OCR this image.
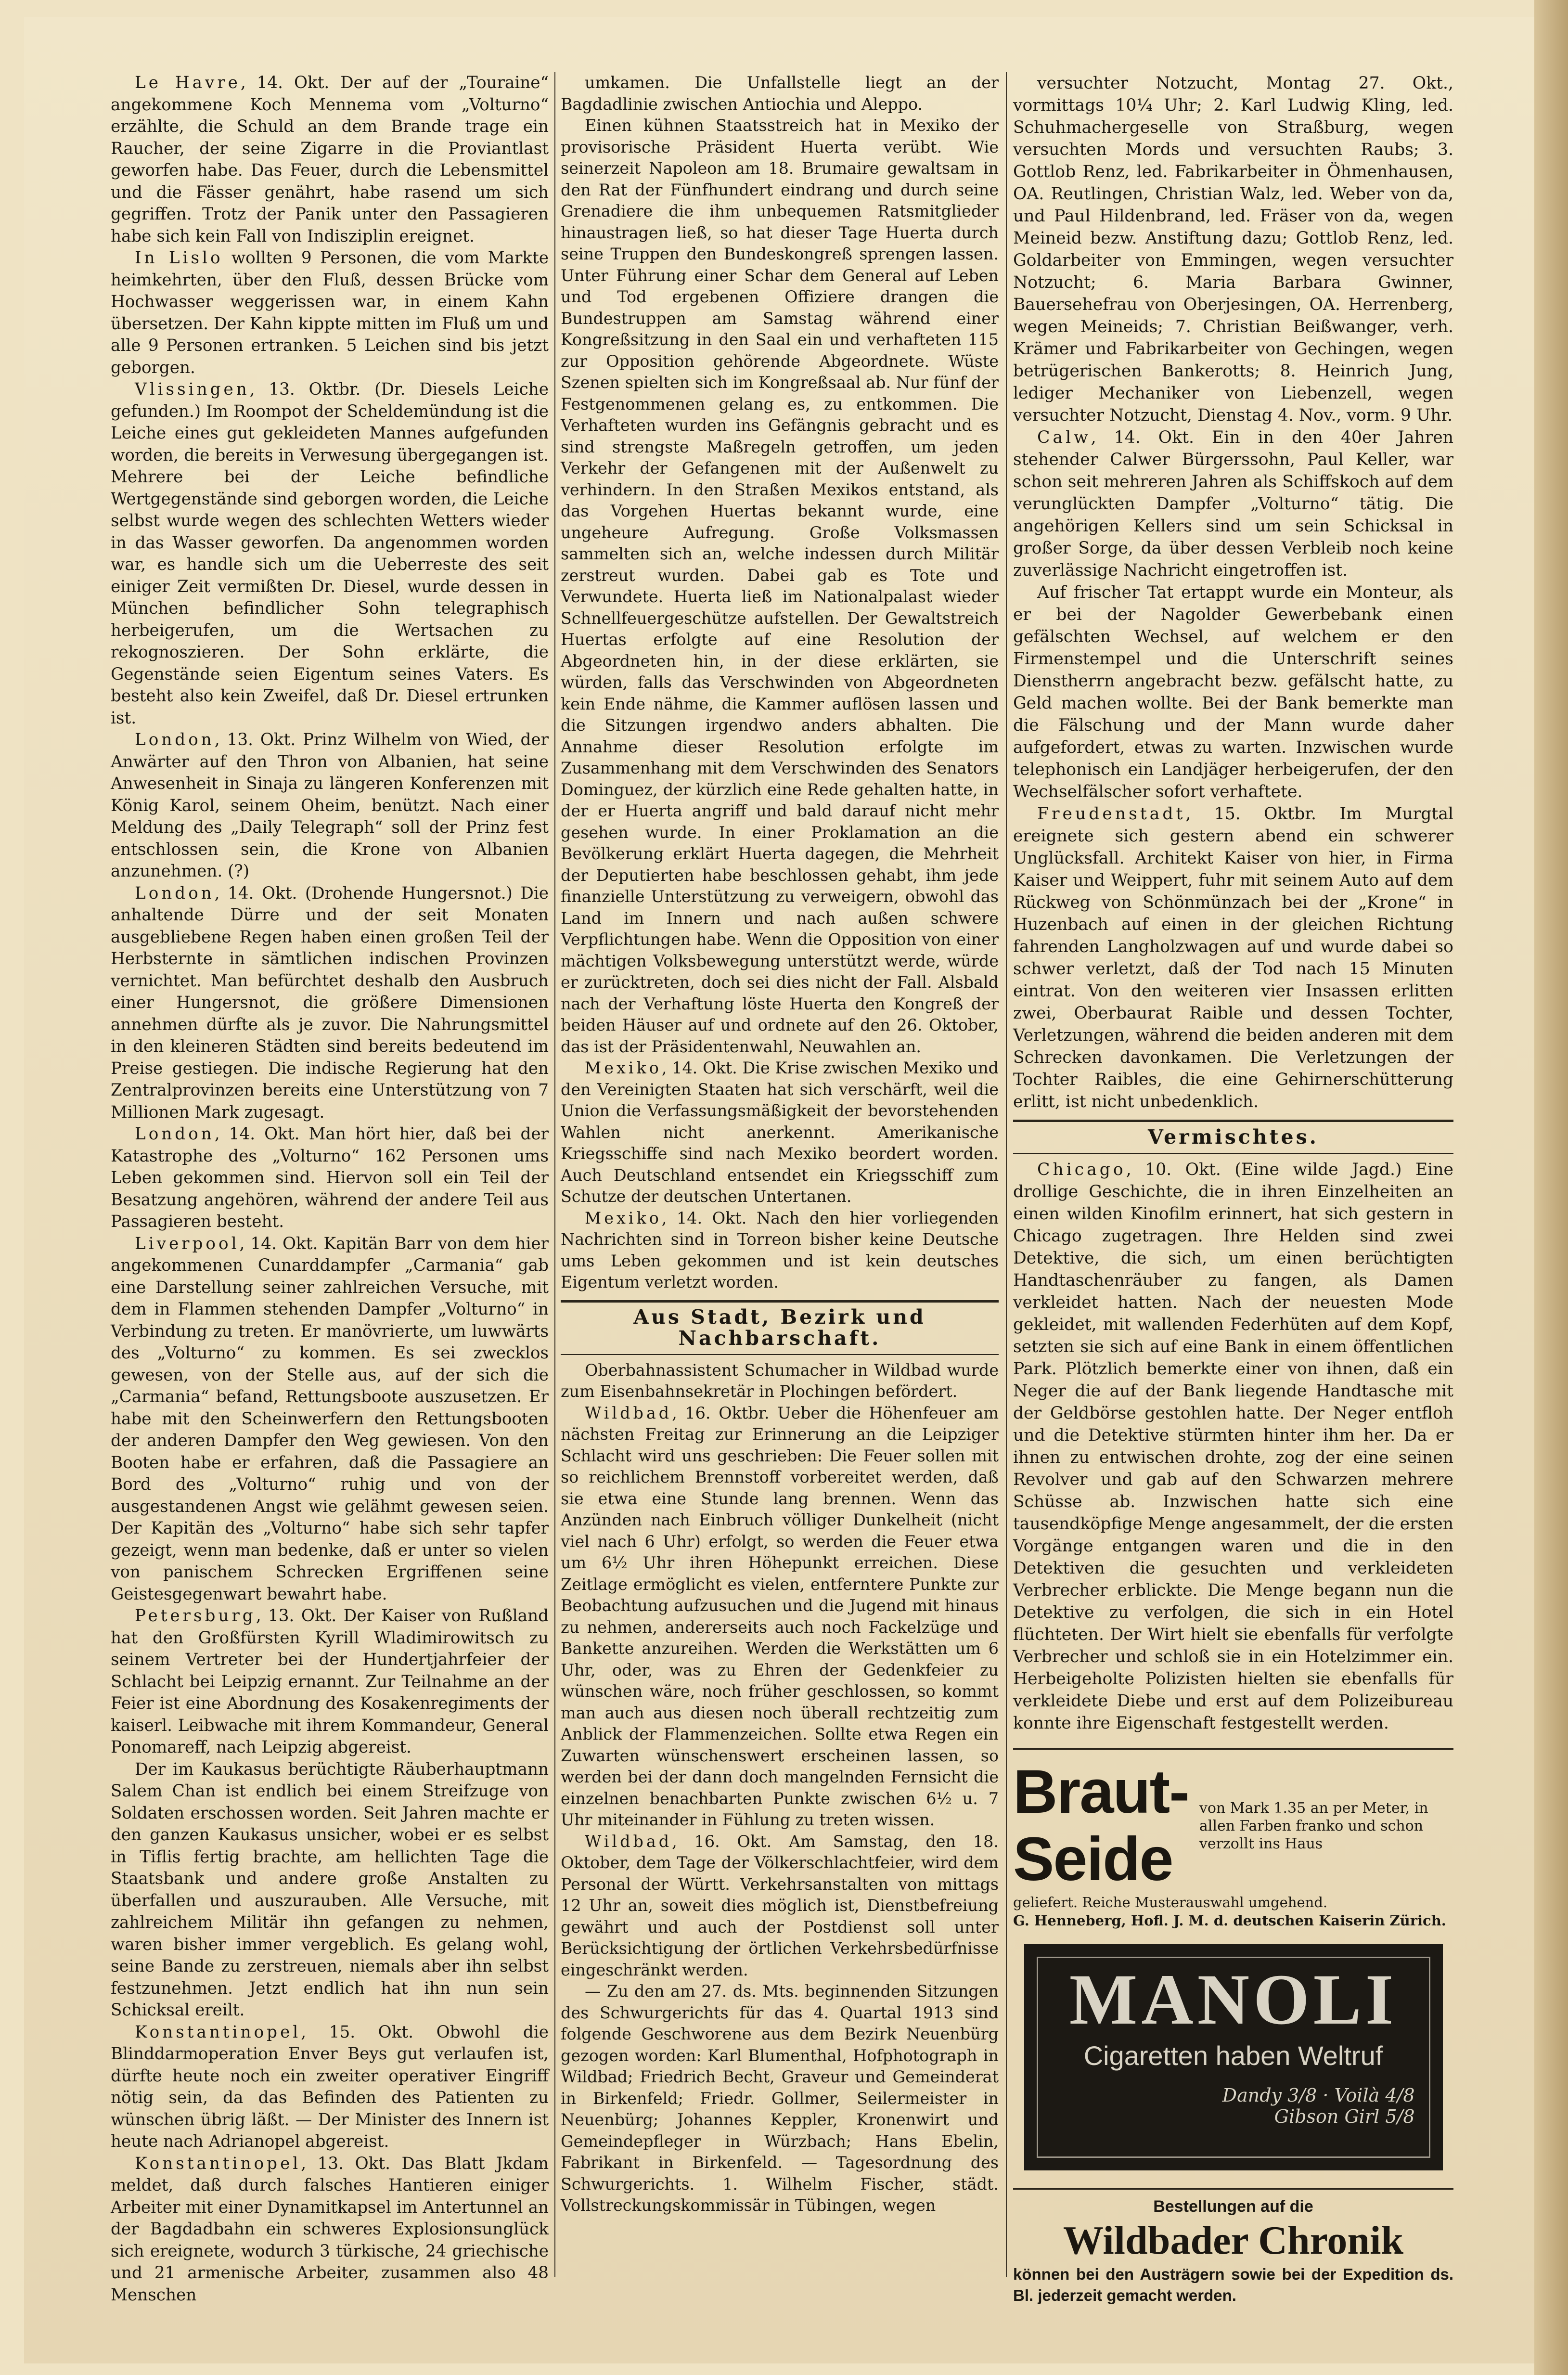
Le Havre, 14. Okt. Der auf der „Touraine“ angekommene Koch Mennema vom „Volturno“ erzählte, die Schuld an dem Brande trage ein Raucher, der seine Zigarre in die Proviantlast geworfen habe. Das Feuer, durch die Lebensmittel und die Fässer genährt, habe rasend um sich gegriffen. Trotz der Panik unter den Passagieren habe sich kein Fall von Indisziplin ereignet.

In Lislo wollten 9 Personen, die vom Markte heimkehrten, über den Fluß, dessen Brücke vom Hochwasser weggerissen war, in einem Kahn übersetzen. Der Kahn kippte mitten im Fluß um und alle 9 Personen ertranken. 5 Leichen sind bis jetzt geborgen.

Vlissingen, 13. Oktbr. (Dr. Diesels Leiche gefunden.) Im Roompot der Scheldemündung ist die Leiche eines gut gekleideten Mannes aufgefunden worden, die bereits in Verwesung übergegangen ist. Mehrere bei der Leiche befindliche Wertgegenstände sind geborgen worden, die Leiche selbst wurde wegen des schlechten Wetters wieder in das Wasser geworfen. Da angenommen worden war, es handle sich um die Ueberreste des seit einiger Zeit vermißten Dr. Diesel, wurde dessen in München befindlicher Sohn telegraphisch herbeigerufen, um die Wertsachen zu rekognoszieren. Der Sohn erklärte, die Gegenstände seien Eigentum seines Vaters. Es besteht also kein Zweifel, daß Dr. Diesel ertrunken ist.

London, 13. Okt. Prinz Wilhelm von Wied, der Anwärter auf den Thron von Albanien, hat seine Anwesenheit in Sinaja zu längeren Konferenzen mit König Karol, seinem Oheim, benützt. Nach einer Meldung des „Daily Telegraph“ soll der Prinz fest entschlossen sein, die Krone von Albanien anzunehmen. (?)

London, 14. Okt. (Drohende Hungersnot.) Die anhaltende Dürre und der seit Monaten ausgebliebene Regen haben einen großen Teil der Herbsternte in sämtlichen indischen Provinzen vernichtet. Man befürchtet deshalb den Ausbruch einer Hungersnot, die größere Dimensionen annehmen dürfte als je zuvor. Die Nahrungsmittel in den kleineren Städten sind bereits bedeutend im Preise gestiegen. Die indische Regierung hat den Zentralprovinzen bereits eine Unterstützung von 7 Millionen Mark zugesagt.

London, 14. Okt. Man hört hier, daß bei der Katastrophe des „Volturno“ 162 Personen ums Leben gekommen sind. Hiervon soll ein Teil der Besatzung angehören, während der andere Teil aus Passagieren besteht.

Liverpool, 14. Okt. Kapitän Barr von dem hier angekommenen Cunarddampfer „Carmania“ gab eine Darstellung seiner zahlreichen Versuche, mit dem in Flammen stehenden Dampfer „Volturno“ in Verbindung zu treten. Er manövrierte, um luwwärts des „Volturno“ zu kommen. Es sei zwecklos gewesen, von der Stelle aus, auf der sich die „Carmania“ befand, Rettungsboote auszusetzen. Er habe mit den Scheinwerfern den Rettungsbooten der anderen Dampfer den Weg gewiesen. Von den Booten habe er erfahren, daß die Passagiere an Bord des „Volturno“ ruhig und von der ausgestandenen Angst wie gelähmt gewesen seien. Der Kapitän des „Volturno“ habe sich sehr tapfer gezeigt, wenn man bedenke, daß er unter so vielen von panischem Schrecken Ergriffenen seine Geistesgegenwart bewahrt habe.

Petersburg, 13. Okt. Der Kaiser von Rußland hat den Großfürsten Kyrill Wladimirowitsch zu seinem Vertreter bei der Hundertjahrfeier der Schlacht bei Leipzig ernannt. Zur Teilnahme an der Feier ist eine Abordnung des Kosakenregiments der kaiserl. Leibwache mit ihrem Kommandeur, General Ponomareff, nach Leipzig abgereist.

Der im Kaukasus berüchtigte Räuberhauptmann Salem Chan ist endlich bei einem Streifzuge von Soldaten erschossen worden. Seit Jahren machte er den ganzen Kaukasus unsicher, wobei er es selbst in Tiflis fertig brachte, am hellichten Tage die Staatsbank und andere große Anstalten zu überfallen und auszurauben. Alle Versuche, mit zahlreichem Militär ihn gefangen zu nehmen, waren bisher immer vergeblich. Es gelang wohl, seine Bande zu zerstreuen, niemals aber ihn selbst festzunehmen. Jetzt endlich hat ihn nun sein Schicksal ereilt.

Konstantinopel, 15. Okt. Obwohl die Blinddarmoperation Enver Beys gut verlaufen ist, dürfte heute noch ein zweiter operativer Eingriff nötig sein, da das Befinden des Patienten zu wünschen übrig läßt. — Der Minister des Innern ist heute nach Adrianopel abgereist.

Konstantinopel, 13. Okt. Das Blatt Jkdam meldet, daß durch falsches Hantieren einiger Arbeiter mit einer Dynamitkapsel im Antertunnel an der Bagdadbahn ein schweres Explosionsunglück sich ereignete, wodurch 3 türkische, 24 griechische und 21 armenische Arbeiter, zusammen also 48 Menschen

umkamen. Die Unfallstelle liegt an der Bagdadlinie zwischen Antiochia und Aleppo.

Einen kühnen Staatsstreich hat in Mexiko der provisorische Präsident Huerta verübt. Wie seinerzeit Napoleon am 18. Brumaire gewaltsam in den Rat der Fünfhundert eindrang und durch seine Grenadiere die ihm unbequemen Ratsmitglieder hinaustragen ließ, so hat dieser Tage Huerta durch seine Truppen den Bundeskongreß sprengen lassen. Unter Führung einer Schar dem General auf Leben und Tod ergebenen Offiziere drangen die Bundestruppen am Samstag während einer Kongreßsitzung in den Saal ein und verhafteten 115 zur Opposition gehörende Abgeordnete. Wüste Szenen spielten sich im Kongreßsaal ab. Nur fünf der Festgenommenen gelang es, zu entkommen. Die Verhafteten wurden ins Gefängnis gebracht und es sind strengste Maßregeln getroffen, um jeden Verkehr der Gefangenen mit der Außenwelt zu verhindern. In den Straßen Mexikos entstand, als das Vorgehen Huertas bekannt wurde, eine ungeheure Aufregung. Große Volksmassen sammelten sich an, welche indessen durch Militär zerstreut wurden. Dabei gab es Tote und Verwundete. Huerta ließ im Nationalpalast wieder Schnellfeuergeschütze aufstellen. Der Gewaltstreich Huertas erfolgte auf eine Resolution der Abgeordneten hin, in der diese erklärten, sie würden, falls das Verschwinden von Abgeordneten kein Ende nähme, die Kammer auflösen lassen und die Sitzungen irgendwo anders abhalten. Die Annahme dieser Resolution erfolgte im Zusammenhang mit dem Verschwinden des Senators Dominguez, der kürzlich eine Rede gehalten hatte, in der er Huerta angriff und bald darauf nicht mehr gesehen wurde. In einer Proklamation an die Bevölkerung erklärt Huerta dagegen, die Mehrheit der Deputierten habe beschlossen gehabt, ihm jede finanzielle Unterstützung zu verweigern, obwohl das Land im Innern und nach außen schwere Verpflichtungen habe. Wenn die Opposition von einer mächtigen Volksbewegung unterstützt werde, würde er zurücktreten, doch sei dies nicht der Fall. Alsbald nach der Verhaftung löste Huerta den Kongreß der beiden Häuser auf und ordnete auf den 26. Oktober, das ist der Präsidentenwahl, Neuwahlen an.

Mexiko, 14. Okt. Die Krise zwischen Mexiko und den Vereinigten Staaten hat sich verschärft, weil die Union die Verfassungsmäßigkeit der bevorstehenden Wahlen nicht anerkennt. Amerikanische Kriegsschiffe sind nach Mexiko beordert worden. Auch Deutschland entsendet ein Kriegsschiff zum Schutze der deutschen Untertanen.

Mexiko, 14. Okt. Nach den hier vorliegenden Nachrichten sind in Torreon bisher keine Deutsche ums Leben gekommen und ist kein deutsches Eigentum verletzt worden.

Aus Stadt, Bezirk und Nachbarschaft.

Oberbahnassistent Schumacher in Wildbad wurde zum Eisenbahnsekretär in Plochingen befördert.

Wildbad, 16. Oktbr. Ueber die Höhenfeuer am nächsten Freitag zur Erinnerung an die Leipziger Schlacht wird uns geschrieben: Die Feuer sollen mit so reichlichem Brennstoff vorbereitet werden, daß sie etwa eine Stunde lang brennen. Wenn das Anzünden nach Einbruch völliger Dunkelheit (nicht viel nach 6 Uhr) erfolgt, so werden die Feuer etwa um 6½ Uhr ihren Höhepunkt erreichen. Diese Zeitlage ermöglicht es vielen, entferntere Punkte zur Beobachtung aufzusuchen und die Jugend mit hinaus zu nehmen, andererseits auch noch Fackelzüge und Bankette anzureihen. Werden die Werkstätten um 6 Uhr, oder, was zu Ehren der Gedenkfeier zu wünschen wäre, noch früher geschlossen, so kommt man auch aus diesen noch überall rechtzeitig zum Anblick der Flammenzeichen. Sollte etwa Regen ein Zuwarten wünschenswert erscheinen lassen, so werden bei der dann doch mangelnden Fernsicht die einzelnen benachbarten Punkte zwischen 6½ u. 7 Uhr miteinander in Fühlung zu treten wissen.

Wildbad, 16. Okt. Am Samstag, den 18. Oktober, dem Tage der Völkerschlachtfeier, wird dem Personal der Württ. Verkehrsanstalten von mittags 12 Uhr an, soweit dies möglich ist, Dienstbefreiung gewährt und auch der Postdienst soll unter Berücksichtigung der örtlichen Verkehrsbedürfnisse eingeschränkt werden.

— Zu den am 27. ds. Mts. beginnenden Sitzungen des Schwurgerichts für das 4. Quartal 1913 sind folgende Geschworene aus dem Bezirk Neuenbürg gezogen worden: Karl Blumenthal, Hofphotograph in Wildbad; Friedrich Becht, Graveur und Gemeinderat in Birkenfeld; Friedr. Gollmer, Seilermeister in Neuenbürg; Johannes Keppler, Kronenwirt und Gemeindepfleger in Würzbach; Hans Ebelin, Fabrikant in Birkenfeld. — Tagesordnung des Schwurgerichts. 1. Wilhelm Fischer, städt. Vollstreckungskommissär in Tübingen, wegen

versuchter Notzucht, Montag 27. Okt., vormittags 10¼ Uhr; 2. Karl Ludwig Kling, led. Schuhmachergeselle von Straßburg, wegen versuchten Mords und versuchten Raubs; 3. Gottlob Renz, led. Fabrikarbeiter in Öhmenhausen, OA. Reutlingen, Christian Walz, led. Weber von da, und Paul Hildenbrand, led. Fräser von da, wegen Meineid bezw. Anstiftung dazu; Gottlob Renz, led. Goldarbeiter von Emmingen, wegen versuchter Notzucht; 6. Maria Barbara Gwinner, Bauersehefrau von Oberjesingen, OA. Herrenberg, wegen Meineids; 7. Christian Beißwanger, verh. Krämer und Fabrikarbeiter von Gechingen, wegen betrügerischen Bankerotts; 8. Heinrich Jung, lediger Mechaniker von Liebenzell, wegen versuchter Notzucht, Dienstag 4. Nov., vorm. 9 Uhr.

Calw, 14. Okt. Ein in den 40er Jahren stehender Calwer Bürgerssohn, Paul Keller, war schon seit mehreren Jahren als Schiffskoch auf dem verunglückten Dampfer „Volturno“ tätig. Die angehörigen Kellers sind um sein Schicksal in großer Sorge, da über dessen Verbleib noch keine zuverlässige Nachricht eingetroffen ist.

Auf frischer Tat ertappt wurde ein Monteur, als er bei der Nagolder Gewerbebank einen gefälschten Wechsel, auf welchem er den Firmenstempel und die Unterschrift seines Dienstherrn angebracht bezw. gefälscht hatte, zu Geld machen wollte. Bei der Bank bemerkte man die Fälschung und der Mann wurde daher aufgefordert, etwas zu warten. Inzwischen wurde telephonisch ein Landjäger herbeigerufen, der den Wechselfälscher sofort verhaftete.

Freudenstadt, 15. Oktbr. Im Murgtal ereignete sich gestern abend ein schwerer Unglücksfall. Architekt Kaiser von hier, in Firma Kaiser und Weippert, fuhr mit seinem Auto auf dem Rückweg von Schönmünzach bei der „Krone“ in Huzenbach auf einen in der gleichen Richtung fahrenden Langholzwagen auf und wurde dabei so schwer verletzt, daß der Tod nach 15 Minuten eintrat. Von den weiteren vier Insassen erlitten zwei, Oberbaurat Raible und dessen Tochter, Verletzungen, während die beiden anderen mit dem Schrecken davonkamen. Die Verletzungen der Tochter Raibles, die eine Gehirnerschütterung erlitt, ist nicht unbedenklich.

Vermischtes.

Chicago, 10. Okt. (Eine wilde Jagd.) Eine drollige Geschichte, die in ihren Einzelheiten an einen wilden Kinofilm erinnert, hat sich gestern in Chicago zugetragen. Ihre Helden sind zwei Detektive, die sich, um einen berüchtigten Handtaschenräuber zu fangen, als Damen verkleidet hatten. Nach der neuesten Mode gekleidet, mit wallenden Federhüten auf dem Kopf, setzten sie sich auf eine Bank in einem öffentlichen Park. Plötzlich bemerkte einer von ihnen, daß ein Neger die auf der Bank liegende Handtasche mit der Geldbörse gestohlen hatte. Der Neger entfloh und die Detektive stürmten hinter ihm her. Da er ihnen zu entwischen drohte, zog der eine seinen Revolver und gab auf den Schwarzen mehrere Schüsse ab. Inzwischen hatte sich eine tausendköpfige Menge angesammelt, der die ersten Vorgänge entgangen waren und die in den Detektiven die gesuchten und verkleideten Verbrecher erblickte. Die Menge begann nun die Detektive zu verfolgen, die sich in ein Hotel flüchteten. Der Wirt hielt sie ebenfalls für verfolgte Verbrecher und schloß sie in ein Hotelzimmer ein. Herbeigeholte Polizisten hielten sie ebenfalls für verkleidete Diebe und erst auf dem Polizeibureau konnte ihre Eigenschaft festgestellt werden.

Braut-Seide
von Mark 1.35 an per Meter, in allen Farben franko und schon verzollt ins Haus
geliefert. Reiche Musterauswahl umgehend.
G. Henneberg, Hofl. J. M. d. deutschen Kaiserin Zürich.
MANOLI
Cigaretten haben Weltruf
Dandy 3/8 · Voilà 4/8
Gibson Girl 5/8
Bestellungen auf die
Wildbader Chronik
können bei den Austrägern sowie bei der Expedition ds. Bl. jederzeit gemacht werden.
